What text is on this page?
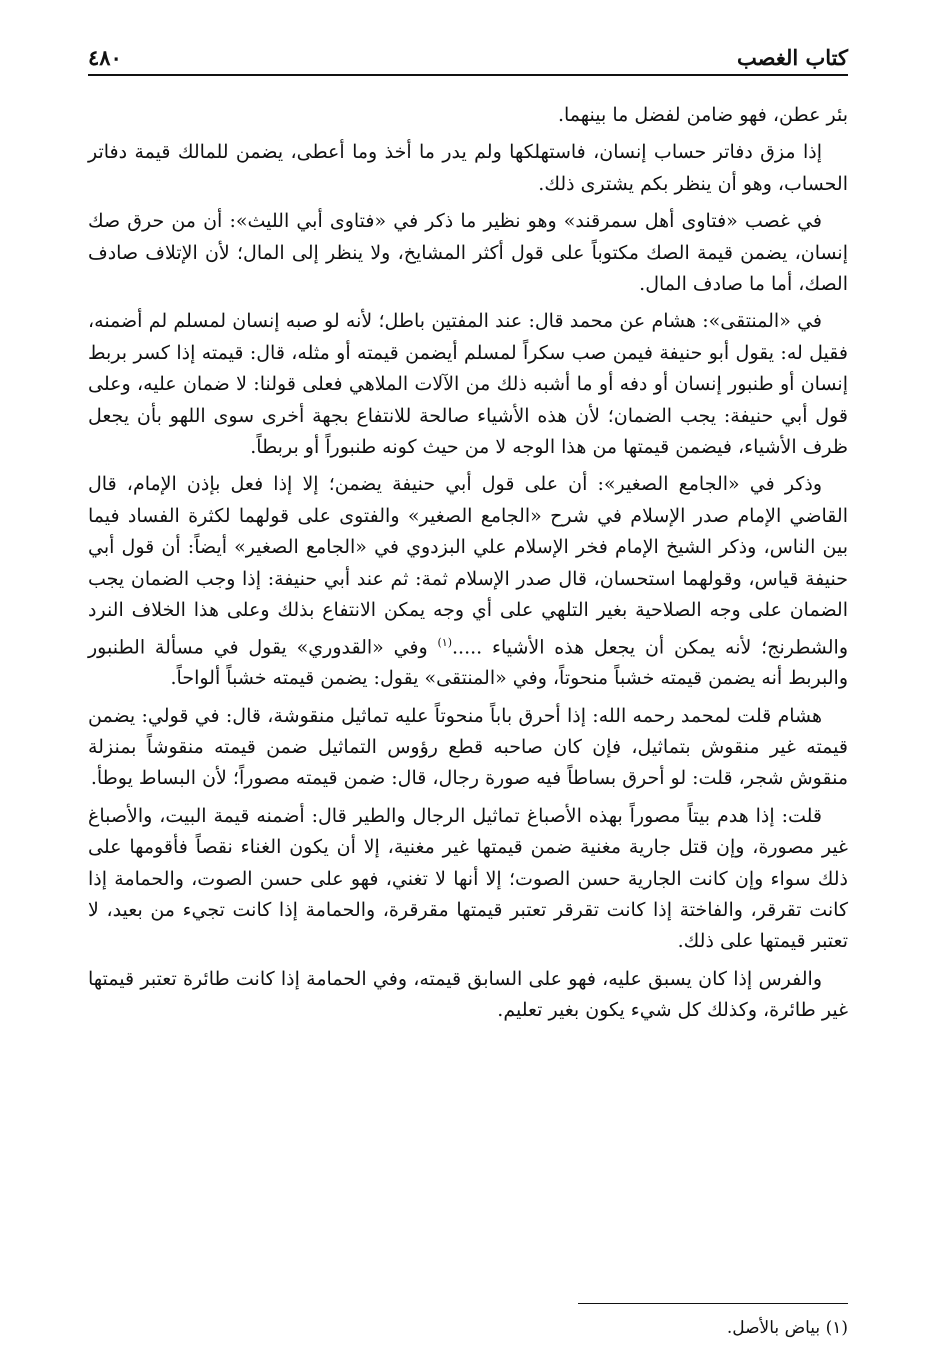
كتاب الغصب
٤٨٠

بئر عطن، فهو ضامن لفضل ما بينهما.

إذا مزق دفاتر حساب إنسان، فاستهلكها ولم يدر ما أخذ وما أعطى، يضمن للمالك قيمة دفاتر الحساب، وهو أن ينظر بكم يشترى ذلك.

في غصب «فتاوى أهل سمرقند» وهو نظير ما ذكر في «فتاوى أبي الليث»: أن من حرق صك إنسان، يضمن قيمة الصك مكتوباً على قول أكثر المشايخ، ولا ينظر إلى المال؛ لأن الإتلاف صادف الصك، أما ما صادف المال.

في «المنتقى»: هشام عن محمد قال: عند المفتين باطل؛ لأنه لو صبه إنسان لمسلم لم أضمنه، فقيل له: يقول أبو حنيفة فيمن صب سكراً لمسلم أيضمن قيمته أو مثله، قال: قيمته إذا كسر بربط إنسان أو طنبور إنسان أو دفه أو ما أشبه ذلك من الآلات الملاهي فعلى قولنا: لا ضمان عليه، وعلى قول أبي حنيفة: يجب الضمان؛ لأن هذه الأشياء صالحة للانتفاع بجهة أخرى سوى اللهو بأن يجعل ظرف الأشياء، فيضمن قيمتها من هذا الوجه لا من حيث كونه طنبوراً أو بربطاً.

وذكر في «الجامع الصغير»: أن على قول أبي حنيفة يضمن؛ إلا إذا فعل بإذن الإمام، قال القاضي الإمام صدر الإسلام في شرح «الجامع الصغير» والفتوى على قولهما لكثرة الفساد فيما بين الناس، وذكر الشيخ الإمام فخر الإسلام علي البزدوي في «الجامع الصغير» أيضاً: أن قول أبي حنيفة قياس، وقولهما استحسان، قال صدر الإسلام ثمة: ثم عند أبي حنيفة: إذا وجب الضمان يجب الضمان على وجه الصلاحية بغير التلهي على أي وجه يمكن الانتفاع بذلك وعلى هذا الخلاف النرد والشطرنج؛ لأنه يمكن أن يجعل هذه الأشياء .....$^{(١)}$ وفي «القدوري» يقول في مسألة الطنبور والبربط أنه يضمن قيمته خشباً منحوتاً، وفي «المنتقى» يقول: يضمن قيمته خشباً ألواحاً.

هشام قلت لمحمد رحمه الله: إذا أحرق باباً منحوتاً عليه تماثيل منقوشة، قال: في قولي: يضمن قيمته غير منقوش بتماثيل، فإن كان صاحبه قطع رؤوس التماثيل ضمن قيمته منقوشاً بمنزلة منقوش شجر، قلت: لو أحرق بساطاً فيه صورة رجال، قال: ضمن قيمته مصوراً؛ لأن البساط يوطأ.

قلت: إذا هدم بيتاً مصوراً بهذه الأصباغ تماثيل الرجال والطير قال: أضمنه قيمة البيت، والأصباغ غير مصورة، وإن قتل جارية مغنية ضمن قيمتها غير مغنية، إلا أن يكون الغناء نقصاً فأقومها على ذلك سواء وإن كانت الجارية حسن الصوت؛ إلا أنها لا تغني، فهو على حسن الصوت، والحمامة إذا كانت تقرقر، والفاختة إذا كانت تقرقر تعتبر قيمتها مقرقرة، والحمامة إذا كانت تجيء من بعيد، لا تعتبر قيمتها على ذلك.

والفرس إذا كان يسبق عليه، فهو على السابق قيمته، وفي الحمامة إذا كانت طائرة تعتبر قيمتها غير طائرة، وكذلك كل شيء يكون بغير تعليم.

(١) بياض بالأصل.
